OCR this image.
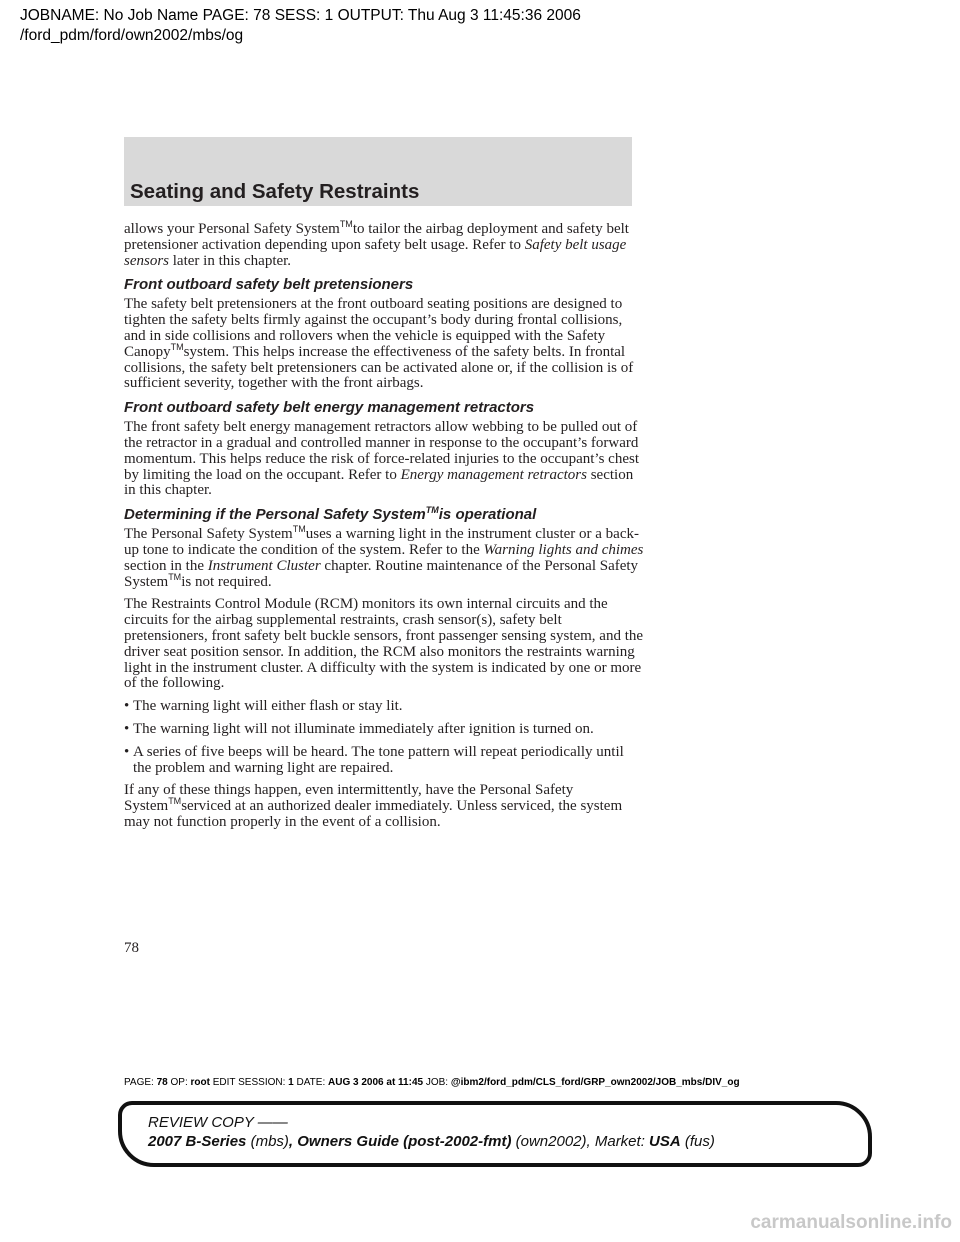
JOBNAME: No Job Name PAGE: 78 SESS: 1 OUTPUT: Thu Aug 3 11:45:36 2006
/ford_pdm/ford/own2002/mbs/og
Seating and Safety Restraints

allows your Personal Safety System™to tailor the airbag deployment and safety belt pretensioner activation depending upon safety belt usage. Refer to Safety belt usage sensors later in this chapter.

Front outboard safety belt pretensioners

The safety belt pretensioners at the front outboard seating positions are designed to tighten the safety belts firmly against the occupant’s body during frontal collisions, and in side collisions and rollovers when the vehicle is equipped with the Safety Canopy™system. This helps increase the effectiveness of the safety belts. In frontal collisions, the safety belt pretensioners can be activated alone or, if the collision is of sufficient severity, together with the front airbags.

Front outboard safety belt energy management retractors

The front safety belt energy management retractors allow webbing to be pulled out of the retractor in a gradual and controlled manner in response to the occupant’s forward momentum. This helps reduce the risk of force-related injuries to the occupant’s chest by limiting the load on the occupant. Refer to Energy management retractors section in this chapter.

Determining if the Personal Safety System™is operational

The Personal Safety System™uses a warning light in the instrument cluster or a back-up tone to indicate the condition of the system. Refer to the Warning lights and chimes section in the Instrument Cluster chapter. Routine maintenance of the Personal Safety System™is not required.

The Restraints Control Module (RCM) monitors its own internal circuits and the circuits for the airbag supplemental restraints, crash sensor(s), safety belt pretensioners, front safety belt buckle sensors, front passenger sensing system, and the driver seat position sensor. In addition, the RCM also monitors the restraints warning light in the instrument cluster. A difficulty with the system is indicated by one or more of the following.

• The warning light will either flash or stay lit.
• The warning light will not illuminate immediately after ignition is turned on.
• A series of five beeps will be heard. The tone pattern will repeat periodically until the problem and warning light are repaired.

If any of these things happen, even intermittently, have the Personal Safety System™serviced at an authorized dealer immediately. Unless serviced, the system may not function properly in the event of a collision.

78
PAGE: 78 OP: root EDIT SESSION: 1 DATE: AUG 3 2006 at 11:45 JOB: @ibm2/ford_pdm/CLS_ford/GRP_own2002/JOB_mbs/DIV_og
REVIEW COPY ——
2007 B-Series (mbs), Owners Guide (post-2002-fmt) (own2002), Market: USA (fus)
carmanualsonline.info
